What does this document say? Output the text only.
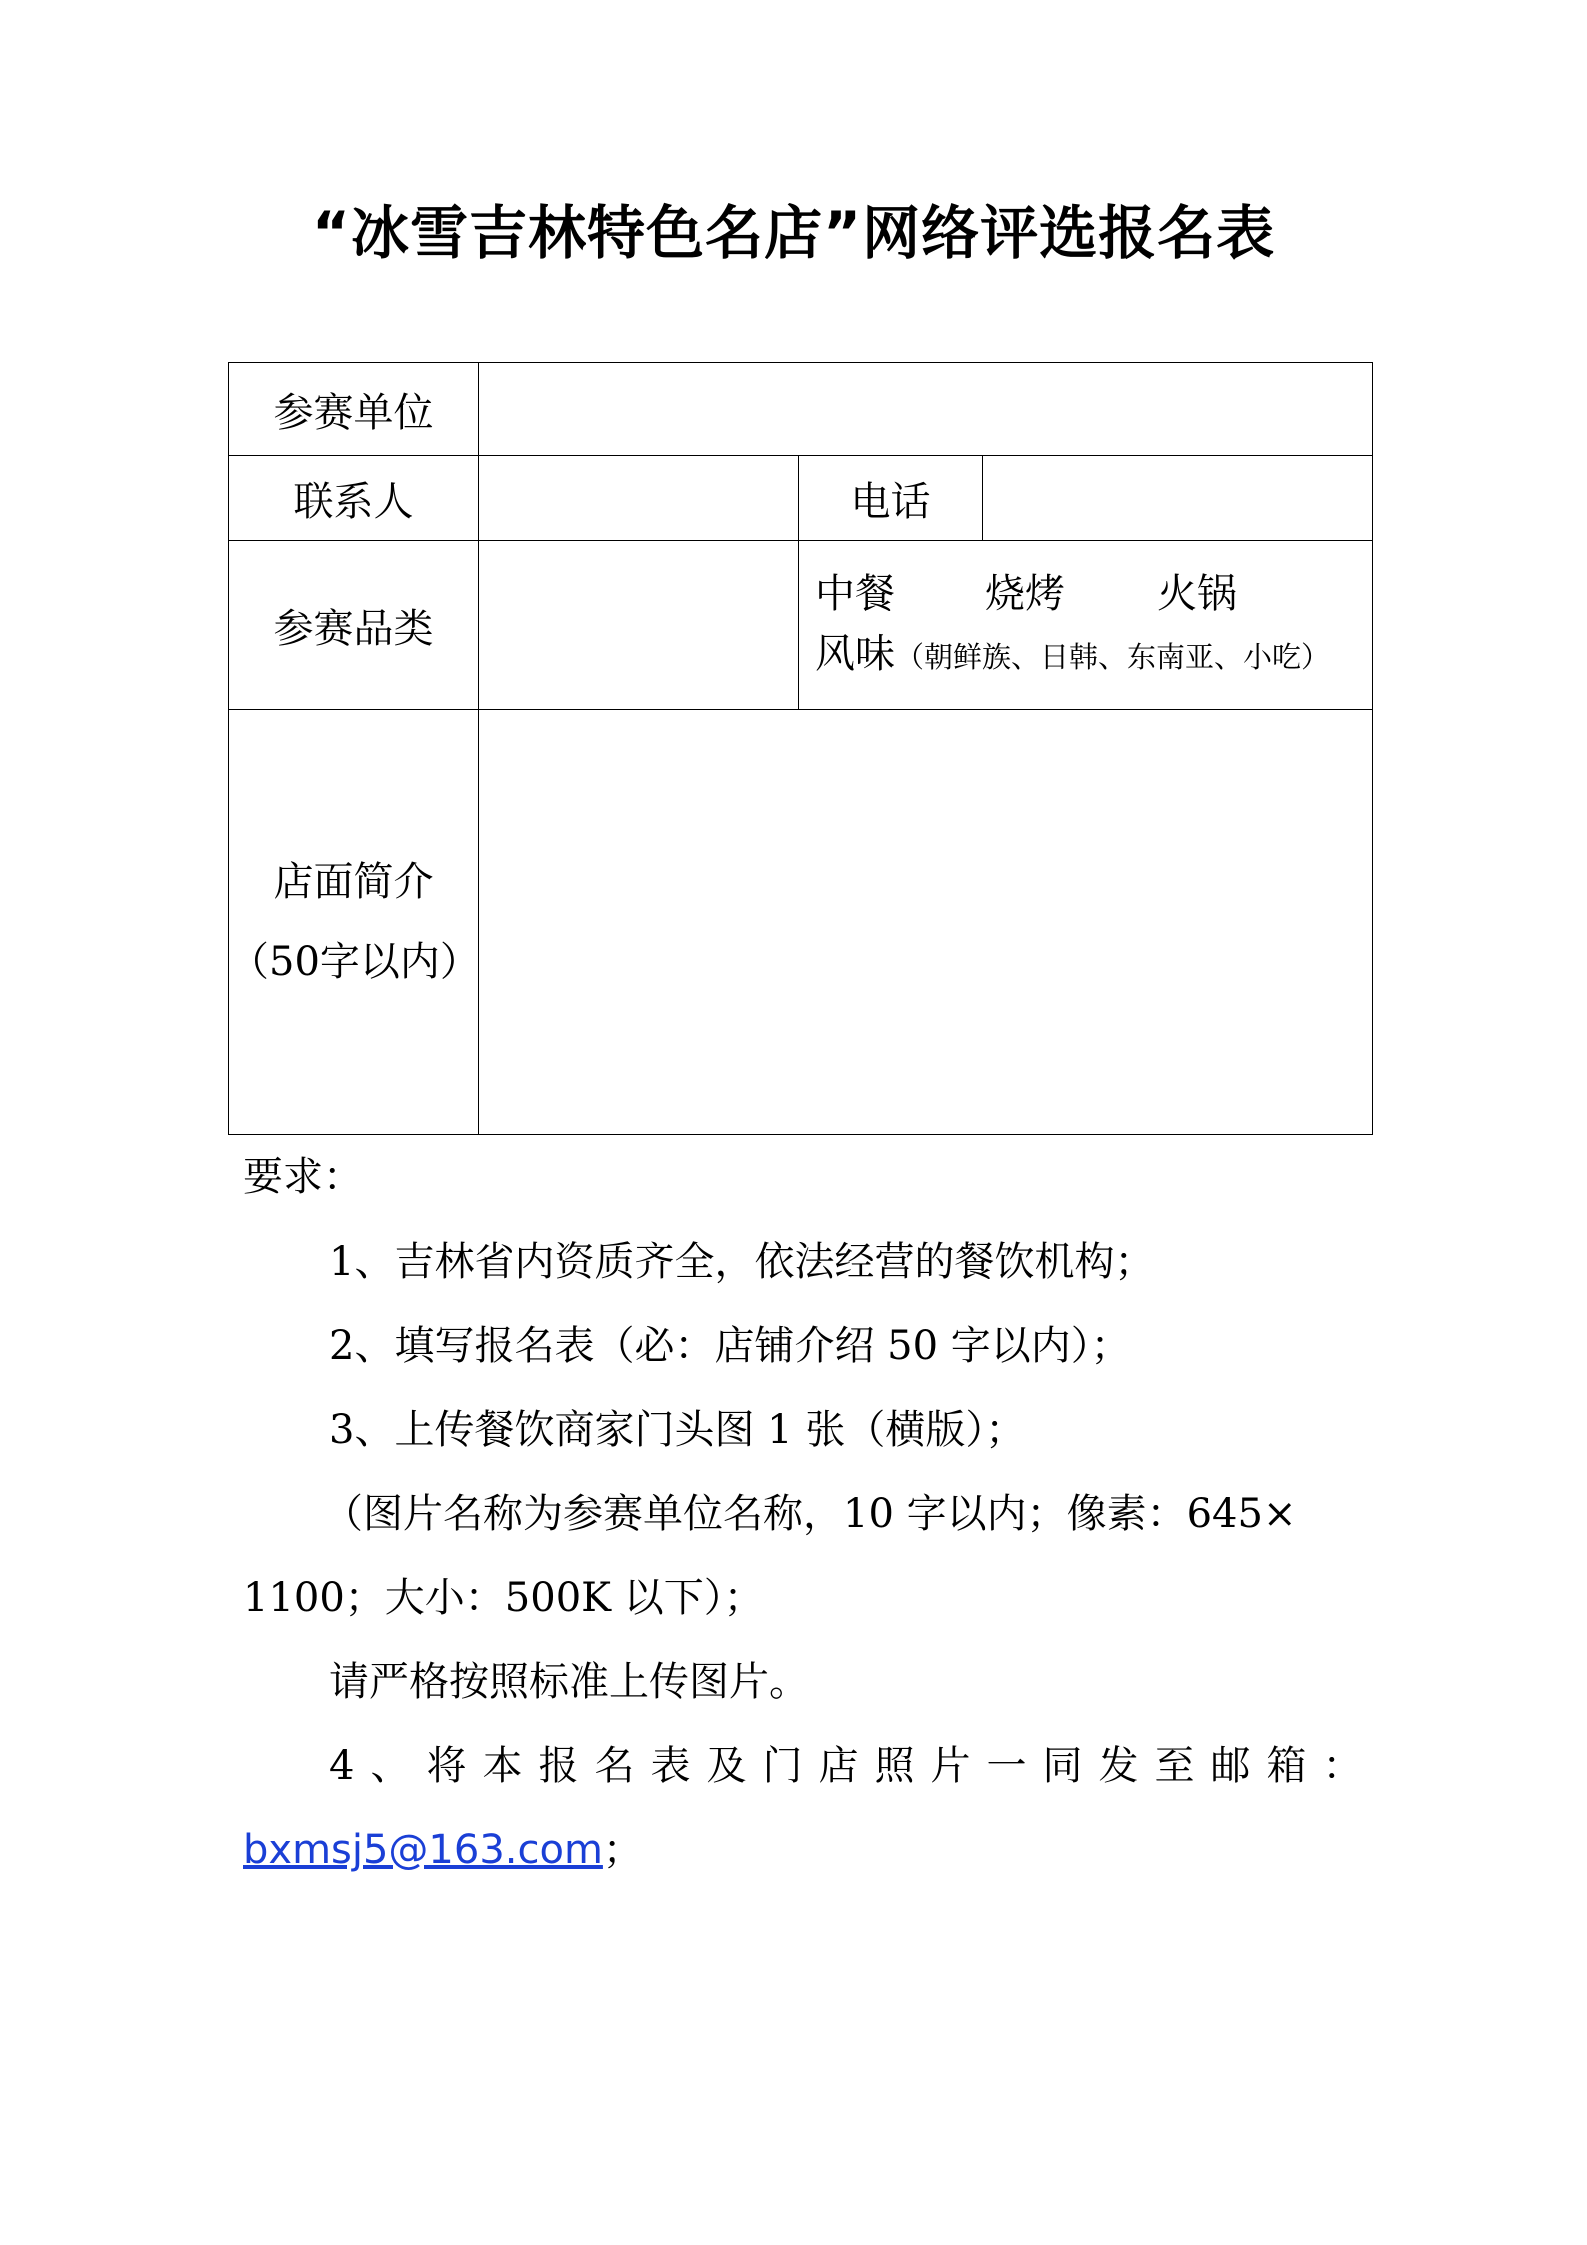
“冰雪吉林特色名店”网络评选报名表
参赛单位			
联系人		电话	
参赛品类		中餐 烧烤 火锅
风味（朝鲜族、日韩、东南亚、小吃）	

店面简介
（50字以内）			

要求：
1、吉林省内资质齐全，依法经营的餐饮机构；
2、填写报名表（必：店铺介绍 50 字以内）；
3、上传餐饮商家门头图 1 张（横版）；
（图片名称为参赛单位名称，10 字以内；像素：645×
1100；大小：500K 以下）；
请严格按照标准上传图片。
4、将本报名表及门店照片一同发至邮箱：
bxmsj5@163.com；
